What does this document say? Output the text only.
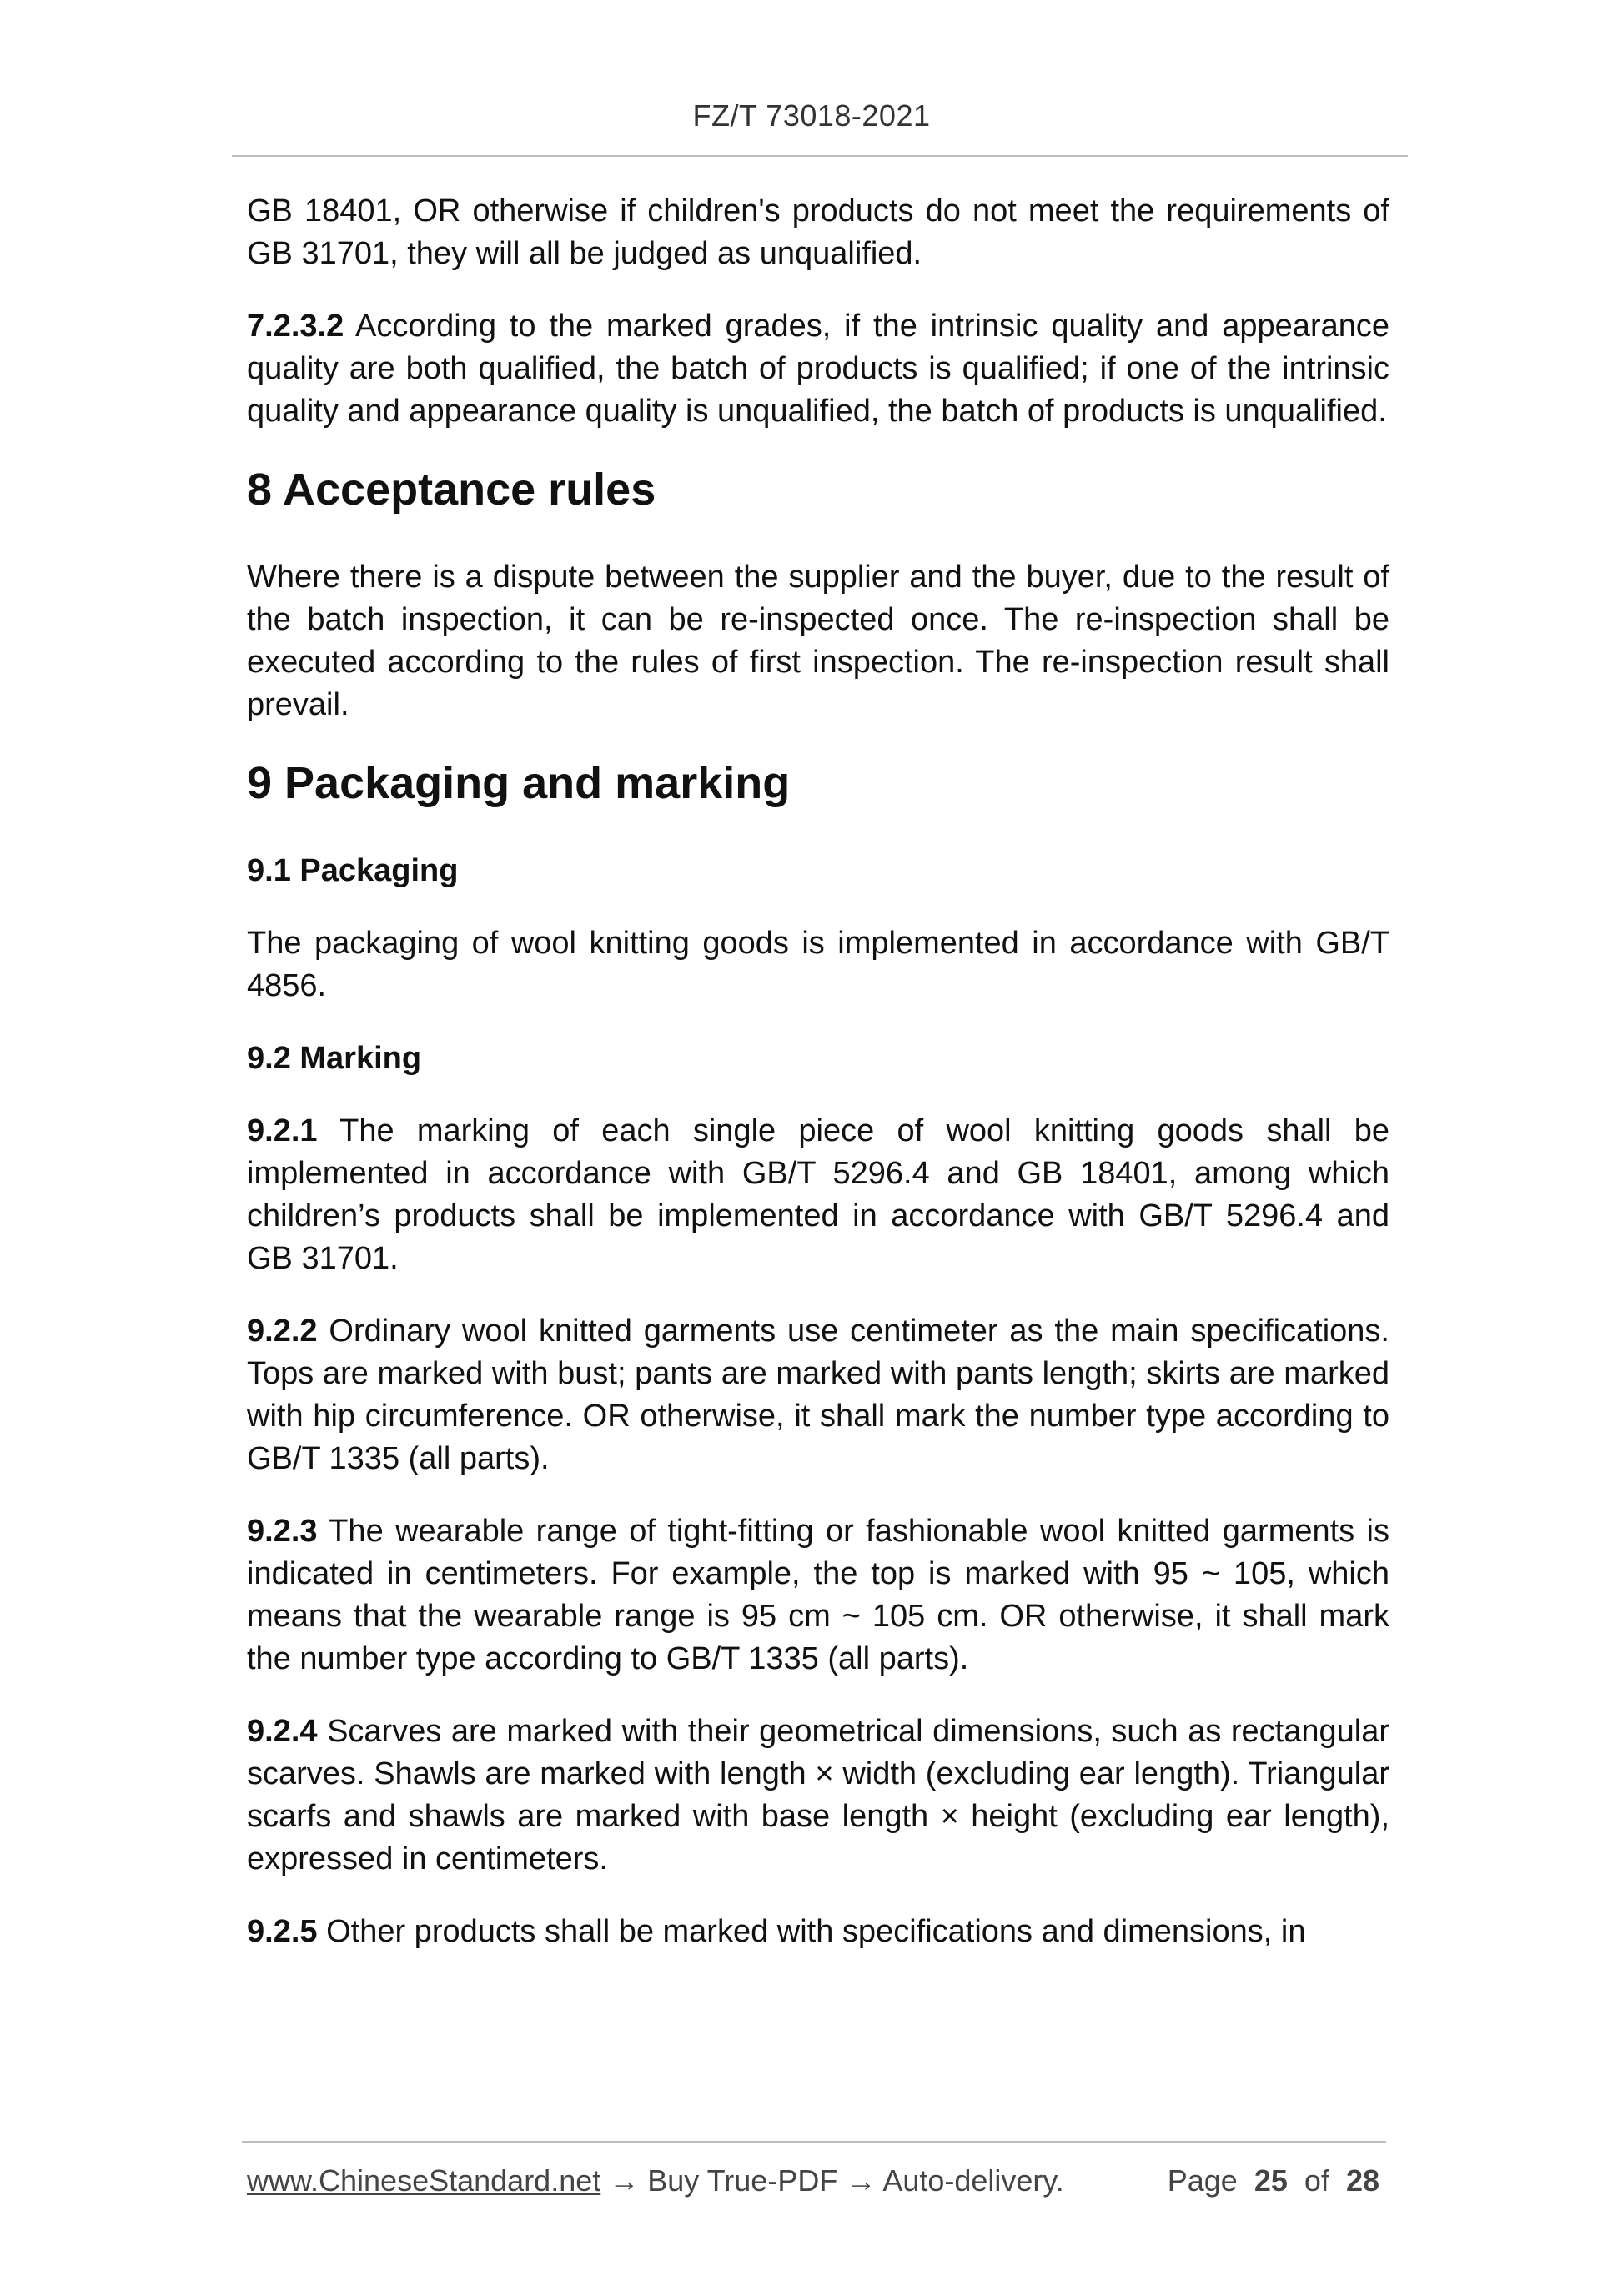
FZ/T 73018-2021

GB 18401, OR otherwise if children's products do not meet the requirements of GB 31701, they will all be judged as unqualified.

7.2.3.2 According to the marked grades, if the intrinsic quality and appearance quality are both qualified, the batch of products is qualified; if one of the intrinsic quality and appearance quality is unqualified, the batch of products is unqualified.

8 Acceptance rules

Where there is a dispute between the supplier and the buyer, due to the result of the batch inspection, it can be re-inspected once. The re-inspection shall be executed according to the rules of first inspection. The re-inspection result shall prevail.

9 Packaging and marking
9.1 Packaging

The packaging of wool knitting goods is implemented in accordance with GB/T 4856.

9.2 Marking

9.2.1 The marking of each single piece of wool knitting goods shall be implemented in accordance with GB/T 5296.4 and GB 18401, among which children’s products shall be implemented in accordance with GB/T 5296.4 and GB 31701.

9.2.2 Ordinary wool knitted garments use centimeter as the main specifications. Tops are marked with bust; pants are marked with pants length; skirts are marked with hip circumference. OR otherwise, it shall mark the number type according to GB/T 1335 (all parts).

9.2.3 The wearable range of tight-fitting or fashionable wool knitted garments is indicated in centimeters. For example, the top is marked with 95 ~ 105, which means that the wearable range is 95 cm ~ 105 cm. OR otherwise, it shall mark the number type according to GB/T 1335 (all parts).

9.2.4 Scarves are marked with their geometrical dimensions, such as rectangular scarves. Shawls are marked with length × width (excluding ear length). Triangular scarfs and shawls are marked with base length × height (excluding ear length), expressed in centimeters.

9.2.5 Other products shall be marked with specifications and dimensions, in

www.ChineseStandard.net → Buy True-PDF → Auto-delivery.	Page 25 of 28
